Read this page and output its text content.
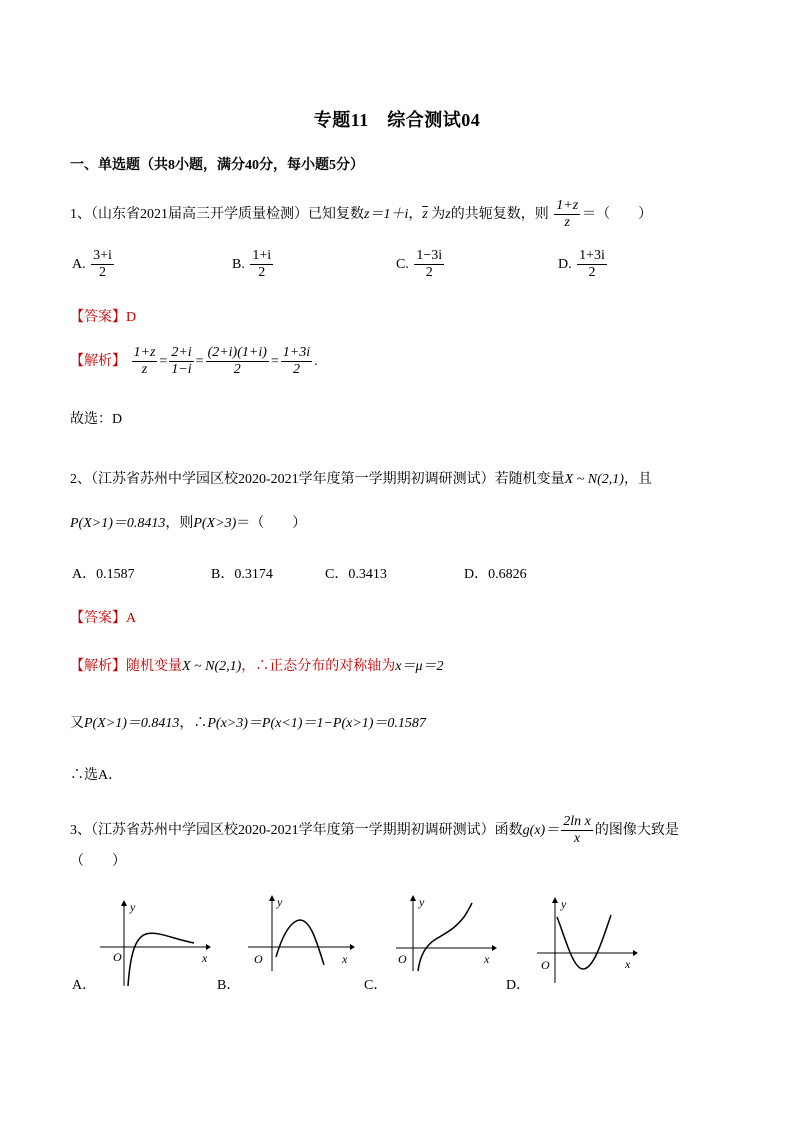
专题11　综合测试04
一、单选题（共8小题，满分40分，每小题5分）
1、（山东省2021届高三开学质量检测）已知复数z＝1＋i，$\overline{z}$ 为z的共轭复数，则 $\frac{1+z}{z}$ ＝（　　）
A. $\frac{3+i}{2}$	B. $\frac{1+i}{2}$	C. $\frac{1-3i}{2}$	D. $\frac{1+3i}{2}$
【答案】D
【解析】 $\frac{1+z}{z} = \frac{2+i}{1-i} = \frac{(2+i)(1+i)}{2} = \frac{1+3i}{2}$ .
故选：D
2、（江苏省苏州中学园区校2020-2021学年度第一学期期初调研测试）若随机变量X ~ N(2,1)，且
P(X>1)＝0.8413，则P(X>3)＝（　　）
A．0.1587	B．0.3174	C．0.3413	D．0.6826
【答案】A
【解析】随机变量X ~ N(2,1)，∴正态分布的对称轴为x＝μ＝2
又P(X>1)＝0.8413，∴P(x>3)＝P(x<1)＝1−P(x>1)＝0.1587
∴选A．
3、（江苏省苏州中学园区校2020-2021学年度第一学期期初调研测试）函数$g(x)= \frac{\text{2ln x}}{x}$ 的图像大致是
（　　）
y
O	x
A．
y
O	x
B．
y
O	x
C．
y
O	x
D．
